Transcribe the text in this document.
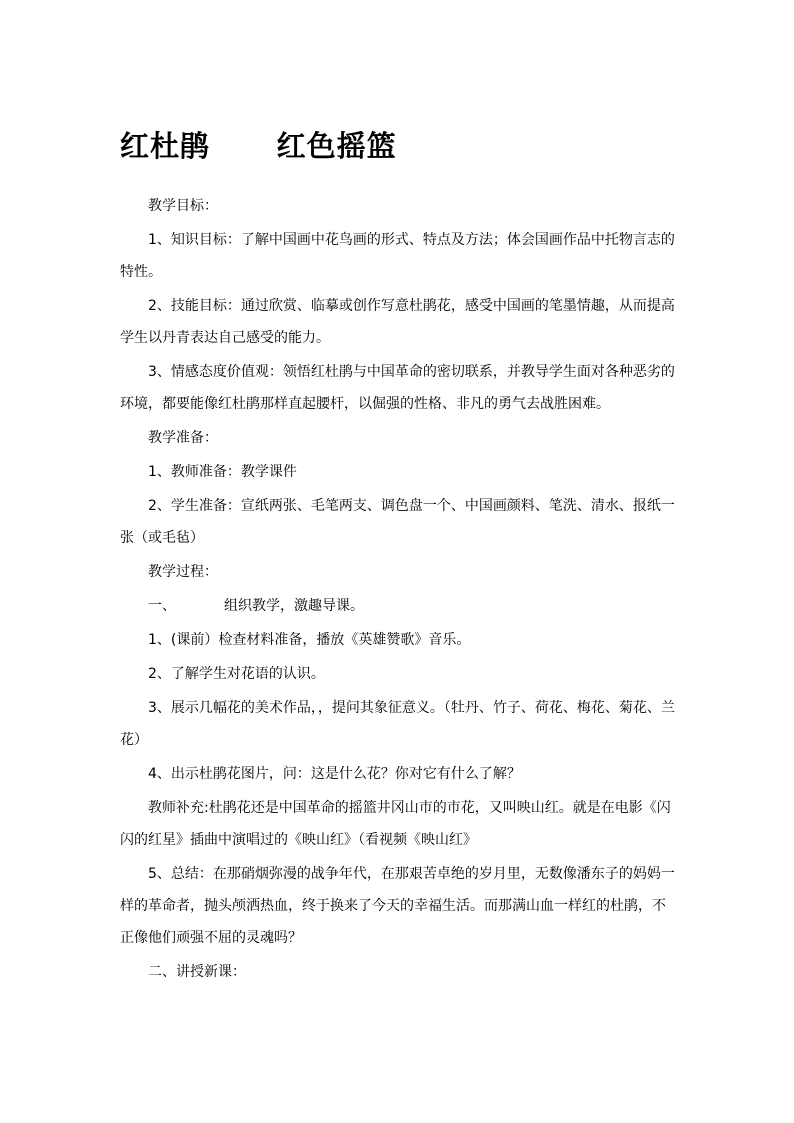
红杜鹃      红色摇篮

教学目标：

1、知识目标：了解中国画中花鸟画的形式、特点及方法；体会国画作品中托物言志的特性。

2、技能目标：通过欣赏、临摹或创作写意杜鹃花，感受中国画的笔墨情趣，从而提高学生以丹青表达自己感受的能力。

3、情感态度价值观：领悟红杜鹃与中国革命的密切联系，并教导学生面对各种恶劣的环境，都要能像红杜鹃那样直起腰杆，以倔强的性格、非凡的勇气去战胜困难。

教学准备：

1、教师准备：教学课件

2、学生准备：宣纸两张、毛笔两支、调色盘一个、中国画颜料、笔洗、清水、报纸一张（或毛毡）

教学过程：

一、	组织教学，激趣导课。

1、(课前）检查材料准备，播放《英雄赞歌》音乐。

2、了解学生对花语的认识。

3、展示几幅花的美术作品，，提问其象征意义。（牡丹、竹子、荷花、梅花、菊花、兰花）

4、出示杜鹃花图片，问：这是什么花？你对它有什么了解？

教师补充:杜鹃花还是中国革命的摇篮井冈山市的市花，又叫映山红。就是在电影《闪闪的红星》插曲中演唱过的《映山红》（看视频《映山红》

5、总结：在那硝烟弥漫的战争年代，在那艰苦卓绝的岁月里，无数像潘东子的妈妈一样的革命者，抛头颅洒热血，终于换来了今天的幸福生活。而那满山血一样红的杜鹃，不正像他们顽强不屈的灵魂吗？

二、讲授新课：
